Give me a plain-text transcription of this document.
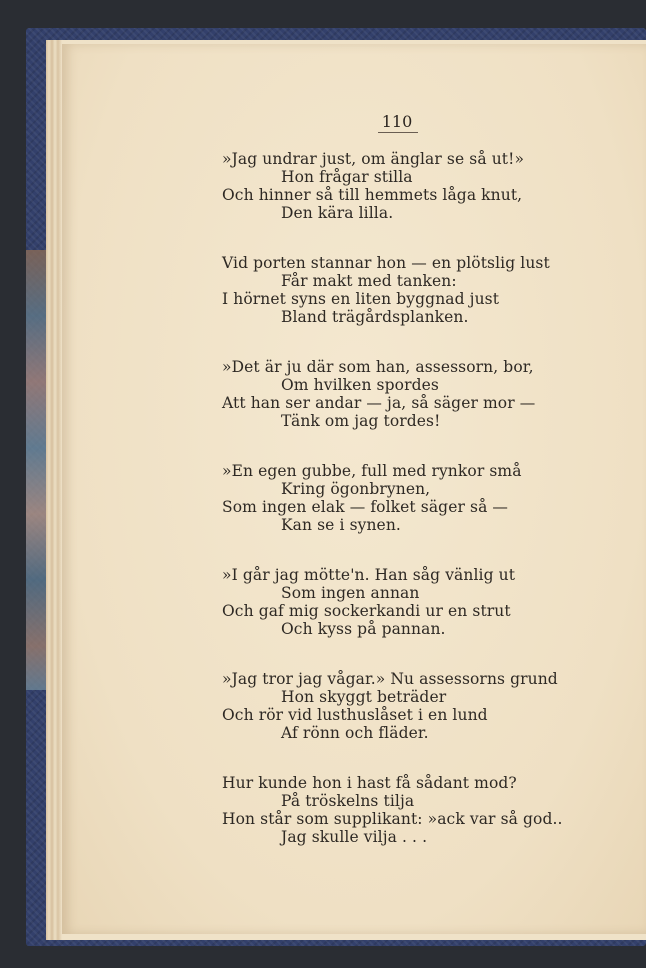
110
»Jag undrar just, om änglar se så ut!»
Hon frågar stilla
Och hinner så till hemmets låga knut,
Den kära lilla.
Vid porten stannar hon — en plötslig lust
Får makt med tanken:
I hörnet syns en liten byggnad just
Bland trägårdsplanken.
»Det är ju där som han, assessorn, bor,
Om hvilken spordes
Att han ser andar — ja, så säger mor —
Tänk om jag tordes!
»En egen gubbe, full med rynkor små
Kring ögonbrynen,
Som ingen elak — folket säger så —
Kan se i synen.
»I går jag mötte'n. Han såg vänlig ut
Som ingen annan
Och gaf mig sockerkandi ur en strut
Och kyss på pannan.
»Jag tror jag vågar.» Nu assessorns grund
Hon skyggt beträder
Och rör vid lusthuslåset i en lund
Af rönn och fläder.
Hur kunde hon i hast få sådant mod?
På tröskelns tilja
Hon står som supplikant: »ack var så god..
Jag skulle vilja . . .
